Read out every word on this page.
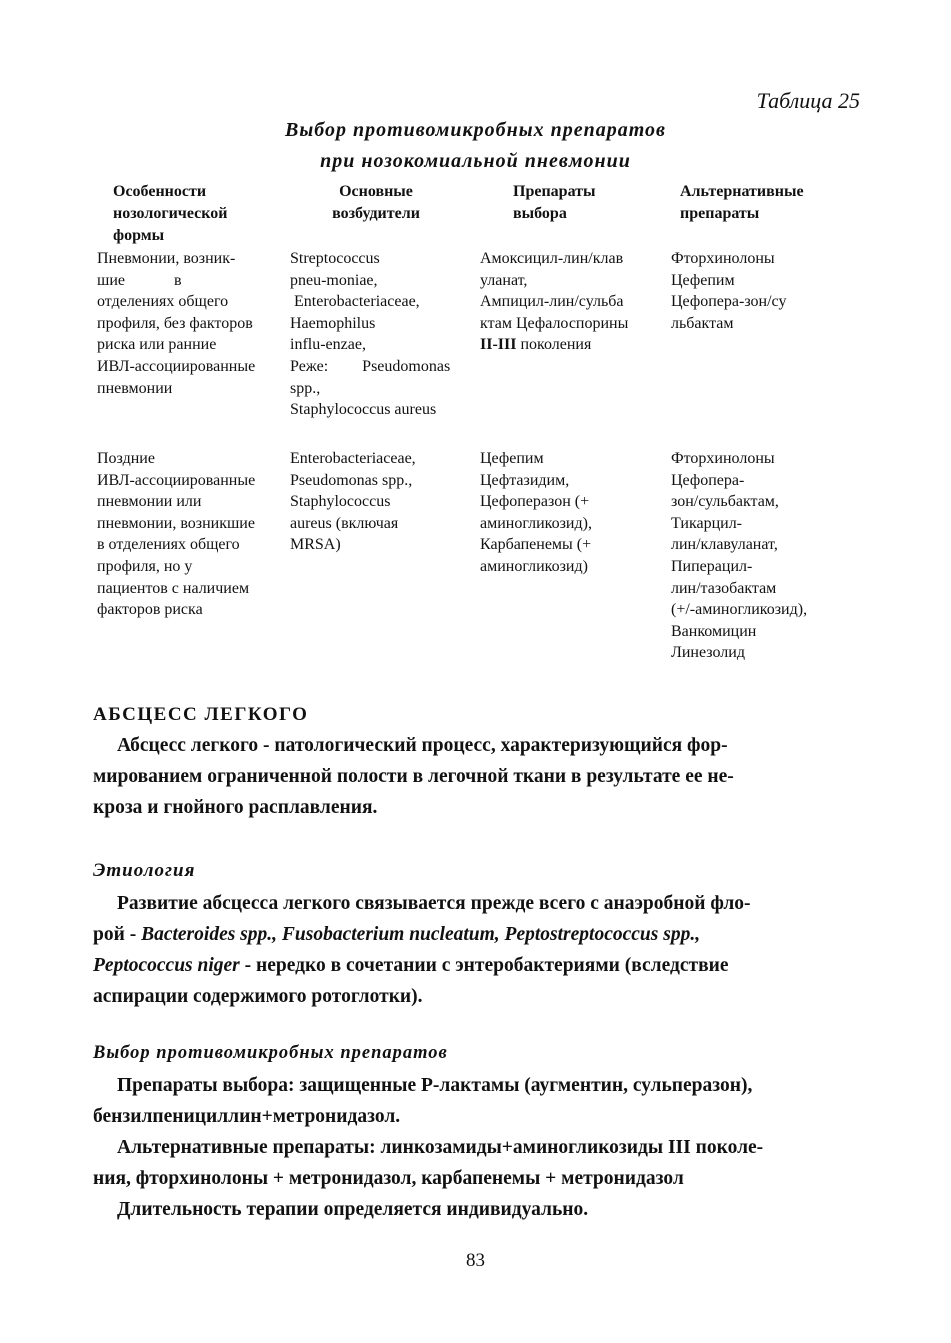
Таблица 25
Выбор противомикробных препаратов
при нозокомиальной пневмонии
Особенности
нозологической
формы
Основные
возбудители
Препараты
выбора
Альтернативные
препараты
Пневмонии, возник-
шие в
отделениях общего
профиля, без факторов
риска или ранние
ИВЛ-ассоциированные
пневмонии
Streptococcus
pneu-moniae,
Enterobacteriaceae,
Haemophilus
influ-enzae,
Реже: Pseudomonas
spp.,
Staphylococcus aureus
Амоксицил-лин/клав
уланат,
Ампицил-лин/сульба
ктам Цефалоспорины
II-III поколения
Фторхинолоны
Цефепим
Цефопера-зон/су
льбактам
Поздние
ИВЛ-ассоциированные
пневмонии или
пневмонии, возникшие
в отделениях общего
профиля, но у
пациентов с наличием
факторов риска
Enterobacteriaceae,
Pseudomonas spp.,
Staphylococcus
aureus (включая
MRSA)
Цефепим
Цефтазидим,
Цефоперазон (+
аминогликозид),
Карбапенемы (+
аминогликозид)
Фторхинолоны
Цефопера-
зон/сульбактам,
Тикарцил-
лин/клавуланат,
Пиперацил-
лин/тазобактам
(+/-аминогликозид),
Ванкомицин
Линезолид
АБСЦЕСС ЛЕГКОГО
Абсцесс легкого - патологический процесс, характеризующийся фор-
мированием ограниченной полости в легочной ткани в результате ее не-
кроза и гнойного расплавления.
Этиология
Развитие абсцесса легкого связывается прежде всего с анаэробной фло-
рой - Bacteroides spp., Fusobacterium nucleatum, Peptostreptococcus spp.,
Peptococcus niger - нередко в сочетании с энтеробактериями (вследствие
аспирации содержимого ротоглотки).
Выбор противомикробных препаратов
Препараты выбора: защищенные Р-лактамы (аугментин, сульперазон),
бензилпенициллин+метронидазол.
Альтернативные препараты: линкозамиды+аминогликозиды III поколе-
ния, фторхинолоны + метронидазол, карбапенемы + метронидазол
Длительность терапии определяется индивидуально.
83
